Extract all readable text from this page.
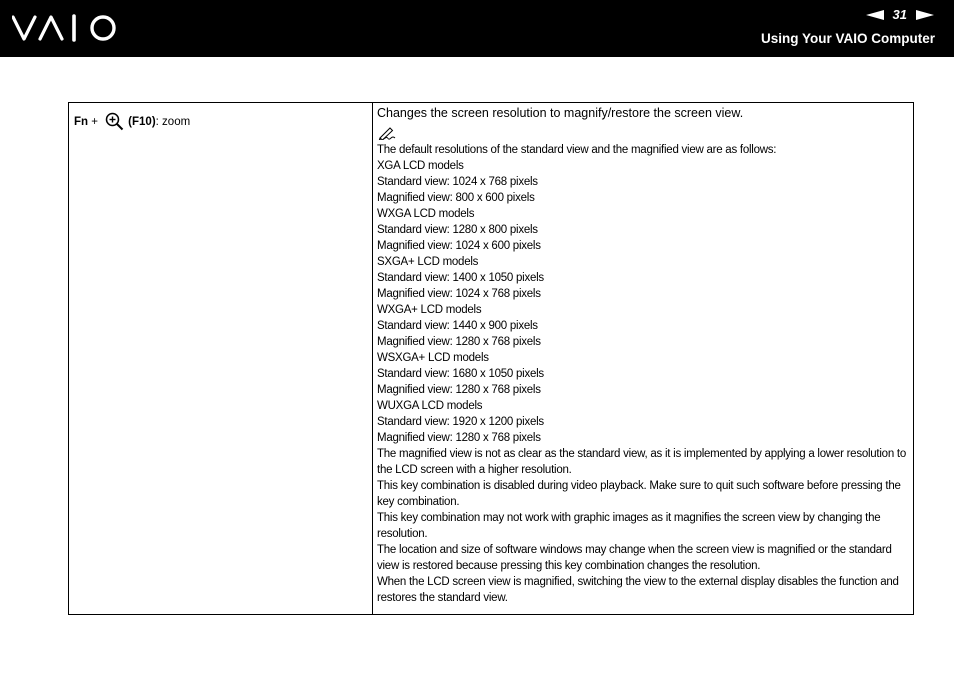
31
Using Your VAIO Computer
Fn + (F10) : zoom

Changes the screen resolution to magnify/restore the screen view.

The default resolutions of the standard view and the magnified view are as follows:
XGA LCD models
Standard view: 1024 x 768 pixels
Magnified view: 800 x 600 pixels
WXGA LCD models
Standard view: 1280 x 800 pixels
Magnified view: 1024 x 600 pixels
SXGA+ LCD models
Standard view: 1400 x 1050 pixels
Magnified view: 1024 x 768 pixels
WXGA+ LCD models
Standard view: 1440 x 900 pixels
Magnified view: 1280 x 768 pixels
WSXGA+ LCD models
Standard view: 1680 x 1050 pixels
Magnified view: 1280 x 768 pixels
WUXGA LCD models
Standard view: 1920 x 1200 pixels
Magnified view: 1280 x 768 pixels
The magnified view is not as clear as the standard view, as it is implemented by applying a lower resolution to the LCD screen with a higher resolution.
This key combination is disabled during video playback. Make sure to quit such software before pressing the key combination.
This key combination may not work with graphic images as it magnifies the screen view by changing the resolution.
The location and size of software windows may change when the screen view is magnified or the standard view is restored because pressing this key combination changes the resolution.
When the LCD screen view is magnified, switching the view to the external display disables the function and restores the standard view.
